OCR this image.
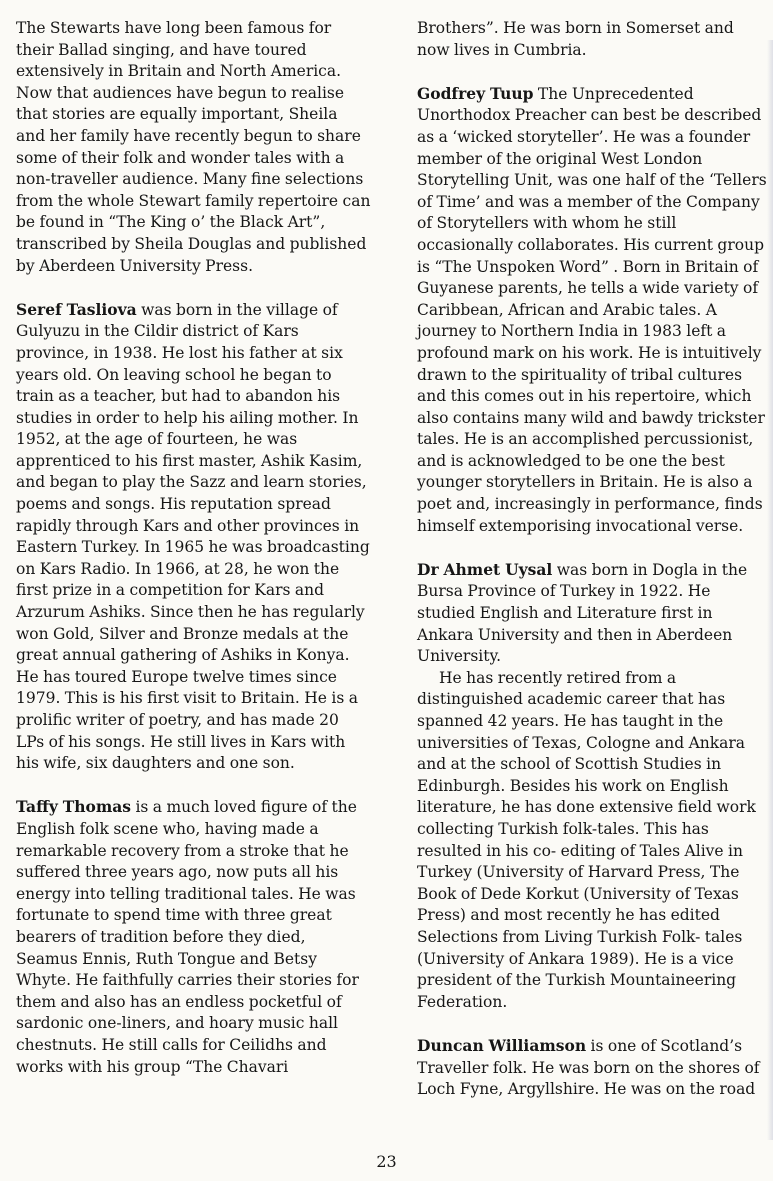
The Stewarts have long been famous for their Ballad singing, and have toured extensively in Britain and North America. Now that audiences have begun to realise that stories are equally important, Sheila and her family have recently begun to share some of their folk and wonder tales with a non-traveller audience. Many fine selections from the whole Stewart family repertoire can be found in “The King o’ the Black Art”, transcribed by Sheila Douglas and published by Aberdeen University Press.

Seref Tasliova was born in the village of Gulyuzu in the Cildir district of Kars province, in 1938. He lost his father at six years old. On leaving school he began to train as a teacher, but had to abandon his studies in order to help his ailing mother. In 1952, at the age of fourteen, he was apprenticed to his first master, Ashik Kasim, and began to play the Sazz and learn stories, poems and songs. His reputation spread rapidly through Kars and other provinces in Eastern Turkey. In 1965 he was broadcasting on Kars Radio. In 1966, at 28, he won the first prize in a competition for Kars and Arzurum Ashiks. Since then he has regularly won Gold, Silver and Bronze medals at the great annual gathering of Ashiks in Konya. He has toured Europe twelve times since 1979. This is his first visit to Britain. He is a prolific writer of poetry, and has made 20 LPs of his songs. He still lives in Kars with his wife, six daughters and one son.

Taffy Thomas is a much loved figure of the English folk scene who, having made a remarkable recovery from a stroke that he suffered three years ago, now puts all his energy into telling traditional tales. He was fortunate to spend time with three great bearers of tradition before they died, Seamus Ennis, Ruth Tongue and Betsy Whyte. He faithfully carries their stories for them and also has an endless pocketful of sardonic one-liners, and hoary music hall chestnuts. He still calls for Ceilidhs and works with his group “The Chavari

Brothers”. He was born in Somerset and now lives in Cumbria.

Godfrey Tuup The Unprecedented Unorthodox Preacher can best be described as a ‘wicked storyteller’. He was a founder member of the original West London Storytelling Unit, was one half of the ‘Tellers of Time’ and was a member of the Company of Storytellers with whom he still occasionally collaborates. His current group is “The Unspoken Word” . Born in Britain of Guyanese parents, he tells a wide variety of Caribbean, African and Arabic tales. A journey to Northern India in 1983 left a profound mark on his work. He is intuitively drawn to the spirituality of tribal cultures and this comes out in his repertoire, which also contains many wild and bawdy trickster tales. He is an accomplished percussionist, and is acknowledged to be one the best younger storytellers in Britain. He is also a poet and, increasingly in performance, finds himself extemporising invocational verse.

Dr Ahmet Uysal was born in Dogla in the Bursa Province of Turkey in 1922. He studied English and Literature first in Ankara University and then in Aberdeen University.

He has recently retired from a distinguished academic career that has spanned 42 years. He has taught in the universities of Texas, Cologne and Ankara and at the school of Scottish Studies in Edinburgh. Besides his work on English literature, he has done extensive field work collecting Turkish folk-tales. This has resulted in his co- editing of Tales Alive in Turkey (University of Harvard Press, The Book of Dede Korkut (University of Texas Press) and most recently he has edited Selections from Living Turkish Folk- tales (University of Ankara 1989). He is a vice president of the Turkish Mountaineering Federation.

Duncan Williamson is one of Scotland’s Traveller folk. He was born on the shores of Loch Fyne, Argyllshire. He was on the road

23
